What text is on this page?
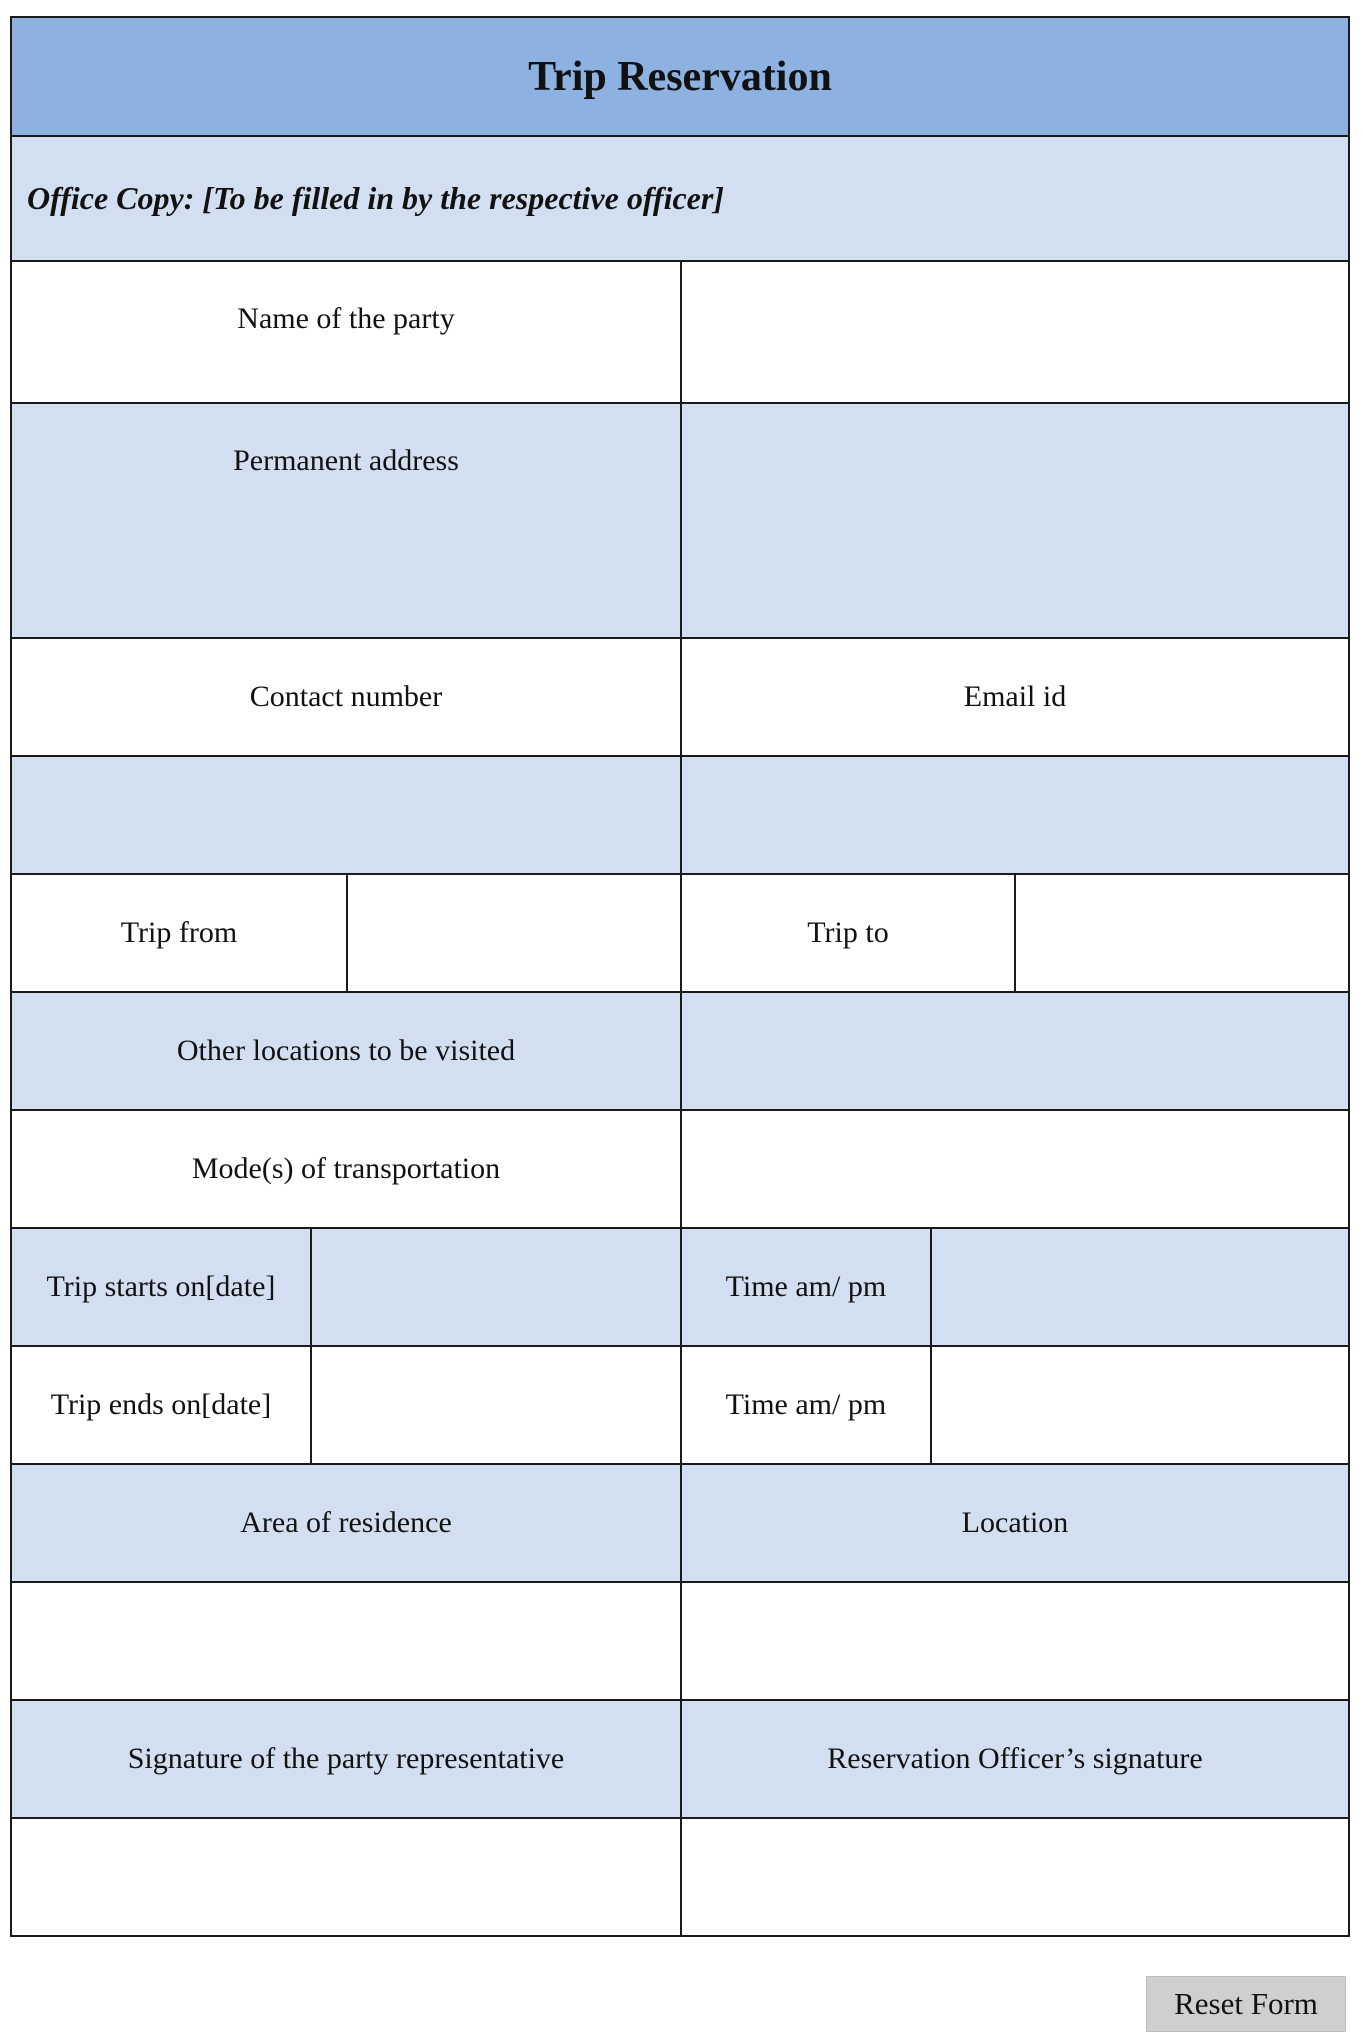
Trip Reservation
Office Copy: [To be filled in by the respective officer]
Name of the party
Permanent address
Contact number	Email id
Trip from	Trip to
Other locations to be visited
Mode(s) of transportation
Trip starts on[date]	Time am/ pm
Trip ends on[date]	Time am/ pm
Area of residence	Location
Signature of the party representative	Reservation Officer’s signature
Reset Form
